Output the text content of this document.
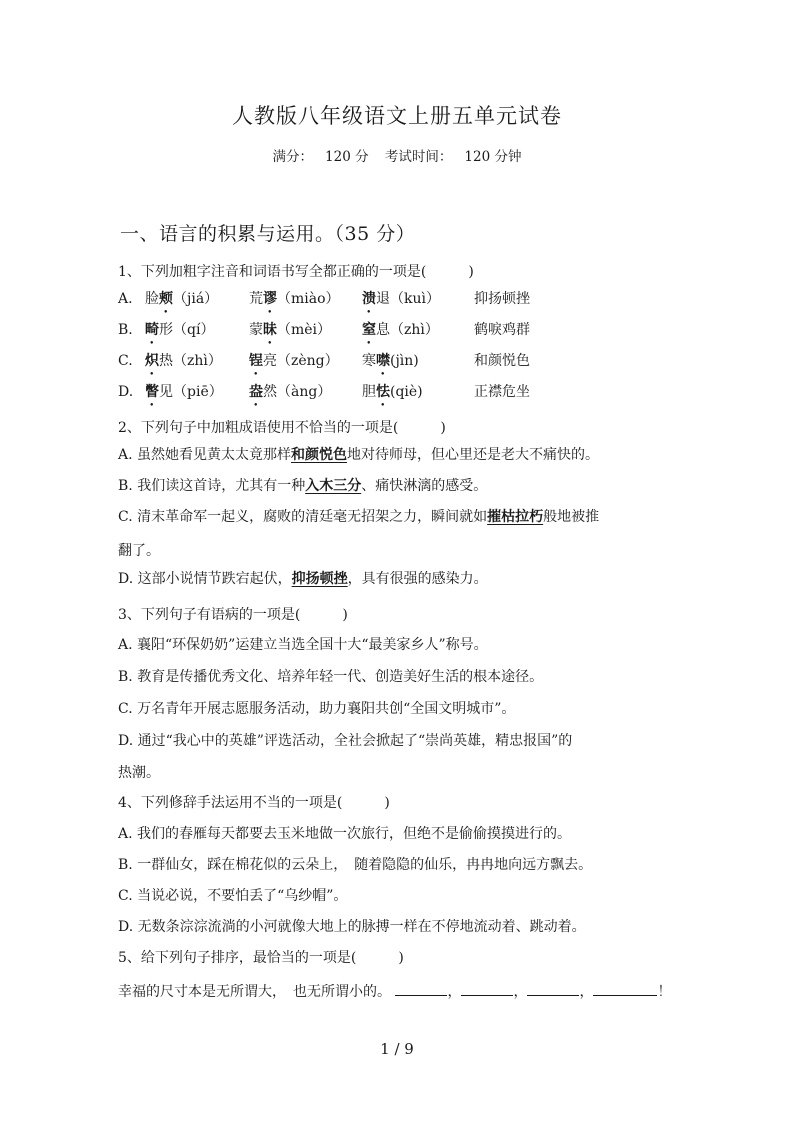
人教版八年级语文上册五单元试卷
满分： 120 分 考试时间： 120 分钟
一、语言的积累与运用。（35 分）
1、下列加粗字注音和词语书写全都正确的一项是(　　　)
A. 脸颊（jiá） 荒谬（miào） 溃退（kuì） 抑扬顿挫
B. 畸形（qí） 蒙昧（mèi） 窒息（zhì）	鹤唳鸡群
C. 炽热（zhì） 锃亮（zèng） 寒噤(jìn)	和颜悦色
D. 瞥见（piē） 盎然（àng） 胆怯(qiè)	正襟危坐
2、下列句子中加粗成语使用不恰当的一项是(　　　)
A. 虽然她看见黄太太竟那样和颜悦色地对待师母，但心里还是老大不痛快的。
B. 我们读这首诗，尤其有一种入木三分、痛快淋漓的感受。
C. 清末革命军一起义，腐败的清廷毫无招架之力，瞬间就如摧枯拉朽般地被推
翻了。
D. 这部小说情节跌宕起伏，抑扬顿挫，具有很强的感染力。
3、下列句子有语病的一项是(　　　)
A. 襄阳“环保奶奶”运建立当选全国十大“最美家乡人”称号。
B. 教育是传播优秀文化、培养年轻一代、创造美好生活的根本途径。
C. 万名青年开展志愿服务活动，助力襄阳共创“全国文明城市”。
D. 通过“我心中的英雄”评选活动，全社会掀起了“崇尚英雄，精忠报国”的
热潮。
4、下列修辞手法运用不当的一项是(　　　)
A. 我们的春雁每天都要去玉米地做一次旅行，但绝不是偷偷摸摸进行的。
B. 一群仙女，踩在棉花似的云朵上，　随着隐隐的仙乐，冉冉地向远方飘去。
C. 当说必说，不要怕丢了“乌纱帽”。
D. 无数条淙淙流淌的小河就像大地上的脉搏一样在不停地流动着、跳动着。
5、给下列句子排序，最恰当的一项是(　　　)
幸福的尺寸本是无所谓大，　也无所谓小的。	，	，	，	！
1 / 9
